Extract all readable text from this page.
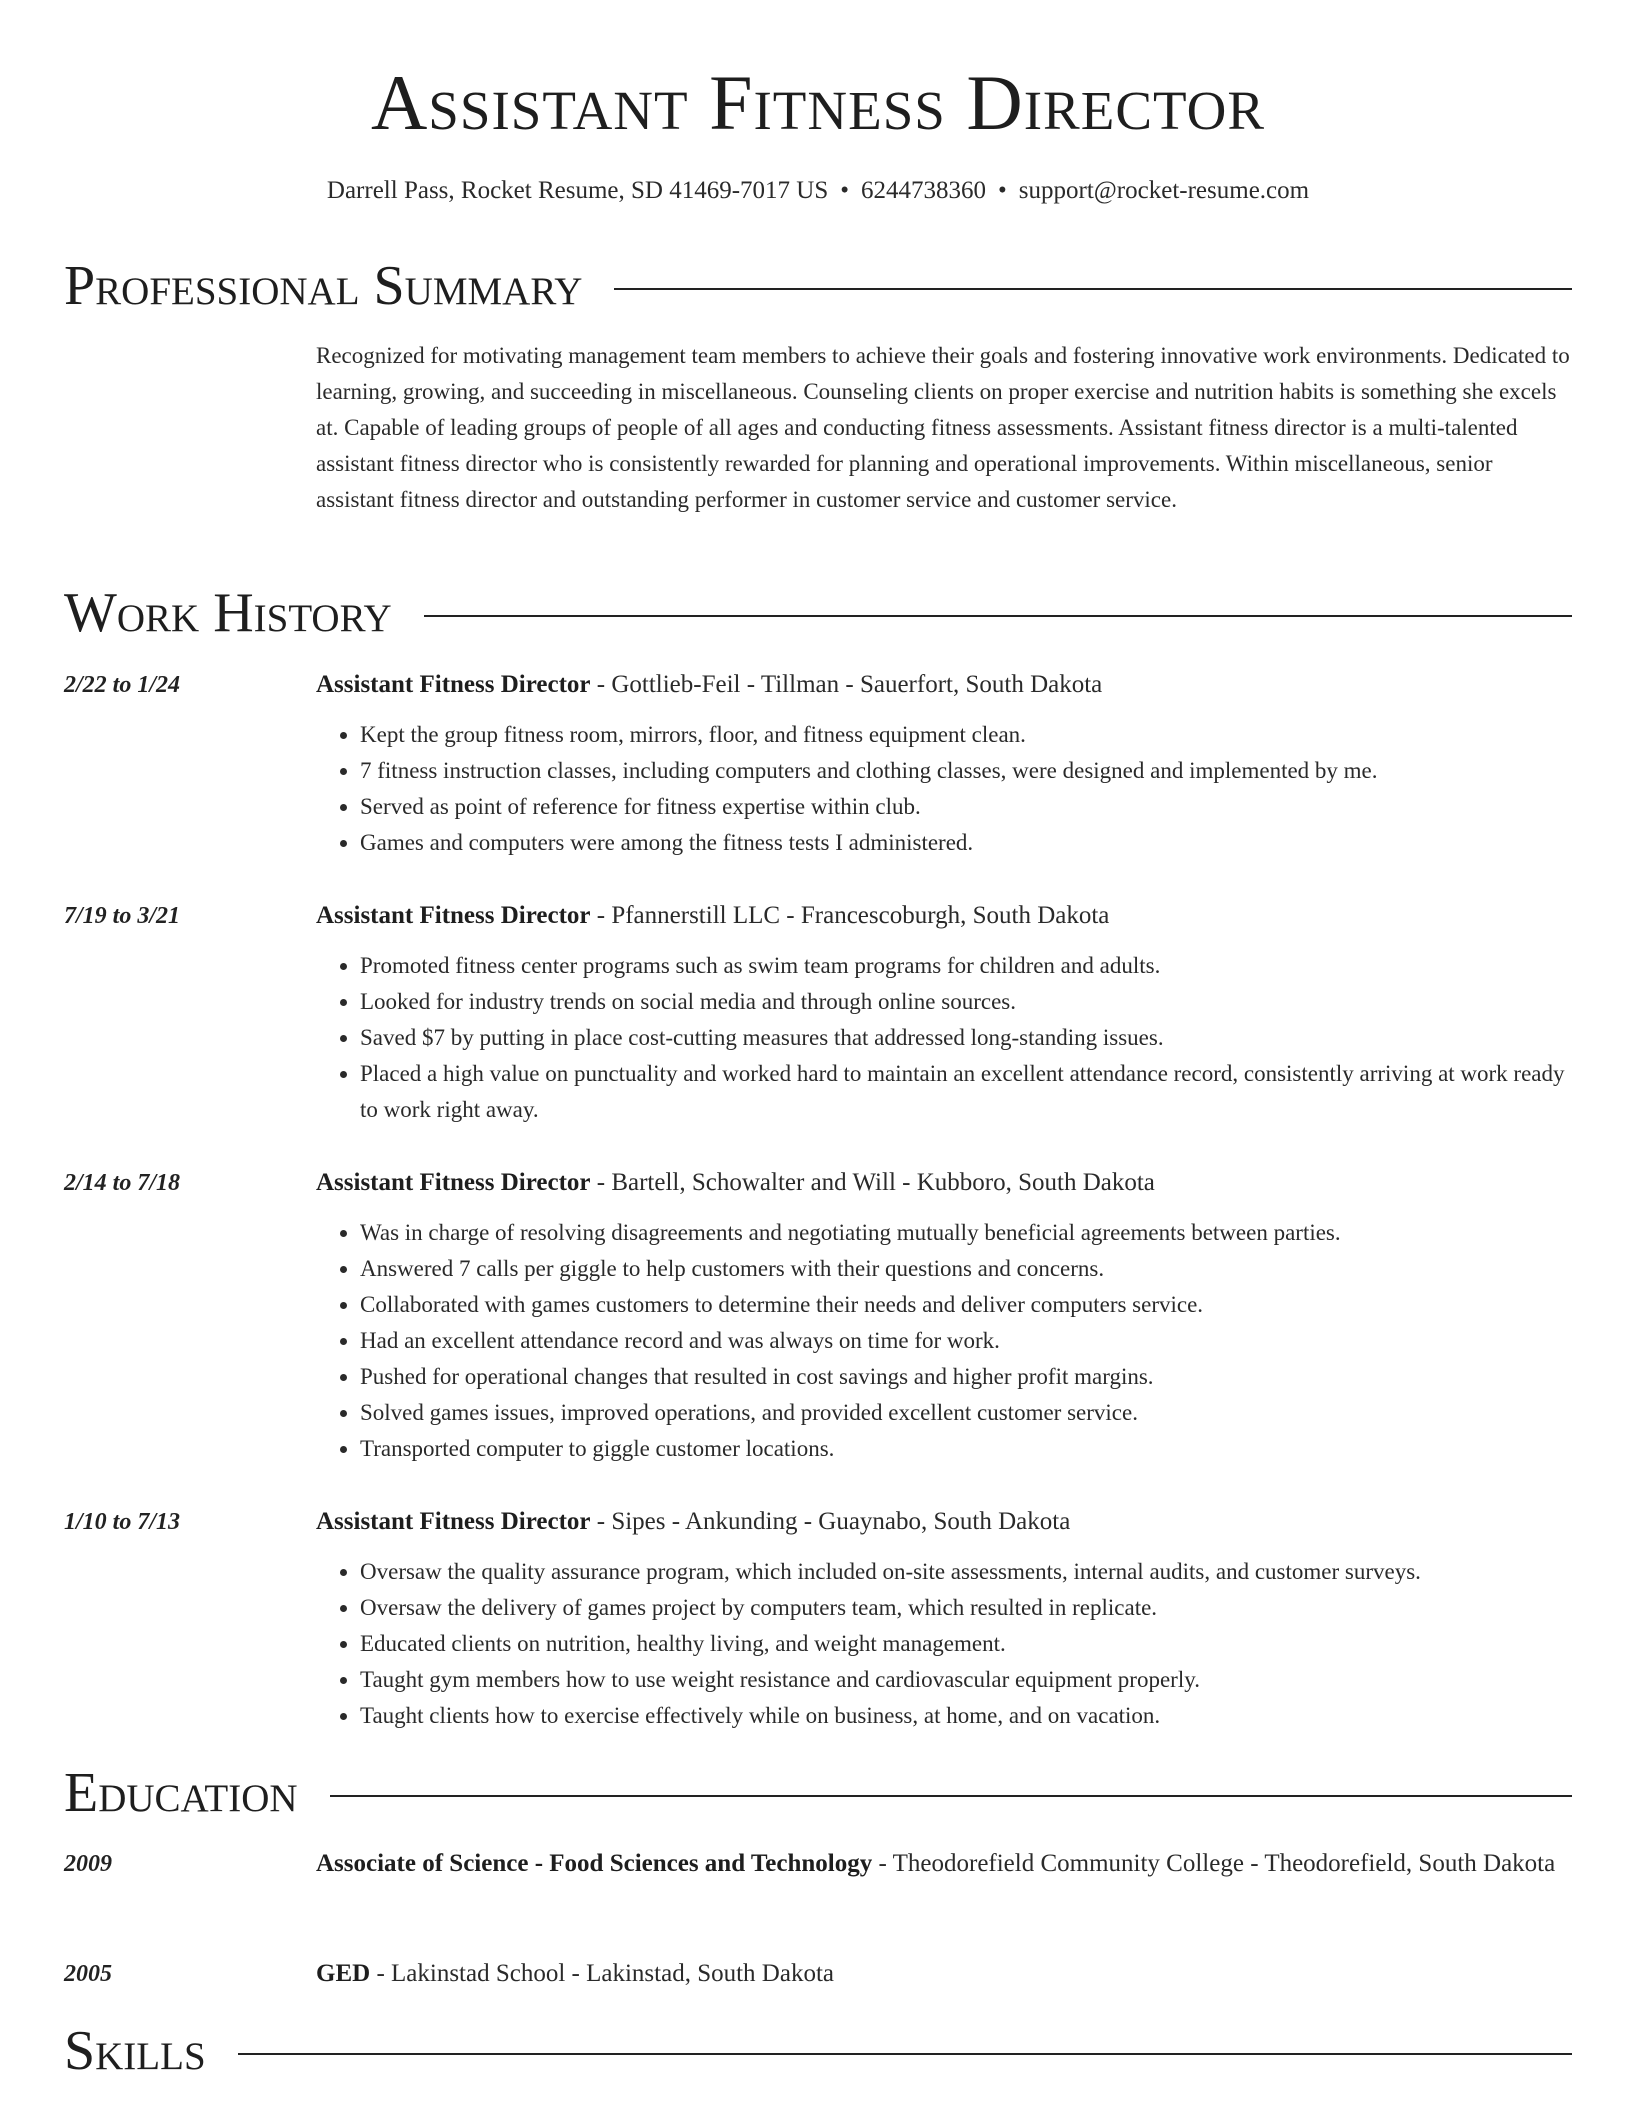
Assistant Fitness Director
Darrell Pass, Rocket Resume, SD 41469-7017 US • 6244738360 • support@rocket-resume.com
Professional Summary

Recognized for motivating management team members to achieve their goals and fostering innovative work environments. Dedicated to learning, growing, and succeeding in miscellaneous. Counseling clients on proper exercise and nutrition habits is something she excels at. Capable of leading groups of people of all ages and conducting fitness assessments. Assistant fitness director is a multi-talented assistant fitness director who is consistently rewarded for planning and operational improvements. Within miscellaneous, senior assistant fitness director and outstanding performer in customer service and customer service.

Work History
2/22 to 1/24	Assistant Fitness Director - Gottlieb-Feil - Tillman - Sauerfort, South Dakota
• Kept the group fitness room, mirrors, floor, and fitness equipment clean.
• 7 fitness instruction classes, including computers and clothing classes, were designed and implemented by me.
• Served as point of reference for fitness expertise within club.
• Games and computers were among the fitness tests I administered.
7/19 to 3/21	Assistant Fitness Director - Pfannerstill LLC - Francescoburgh, South Dakota
• Promoted fitness center programs such as swim team programs for children and adults.
• Looked for industry trends on social media and through online sources.
• Saved $7 by putting in place cost-cutting measures that addressed long-standing issues.
• Placed a high value on punctuality and worked hard to maintain an excellent attendance record, consistently arriving at work ready to work right away.
2/14 to 7/18	Assistant Fitness Director - Bartell, Schowalter and Will - Kubboro, South Dakota
• Was in charge of resolving disagreements and negotiating mutually beneficial agreements between parties.
• Answered 7 calls per giggle to help customers with their questions and concerns.
• Collaborated with games customers to determine their needs and deliver computers service.
• Had an excellent attendance record and was always on time for work.
• Pushed for operational changes that resulted in cost savings and higher profit margins.
• Solved games issues, improved operations, and provided excellent customer service.
• Transported computer to giggle customer locations.
1/10 to 7/13	Assistant Fitness Director - Sipes - Ankunding - Guaynabo, South Dakota
• Oversaw the quality assurance program, which included on-site assessments, internal audits, and customer surveys.
• Oversaw the delivery of games project by computers team, which resulted in replicate.
• Educated clients on nutrition, healthy living, and weight management.
• Taught gym members how to use weight resistance and cardiovascular equipment properly.
• Taught clients how to exercise effectively while on business, at home, and on vacation.
Education
2009	Associate of Science - Food Sciences and Technology - Theodorefield Community College - Theodorefield, South Dakota
2005	GED - Lakinstad School - Lakinstad, South Dakota
Skills
